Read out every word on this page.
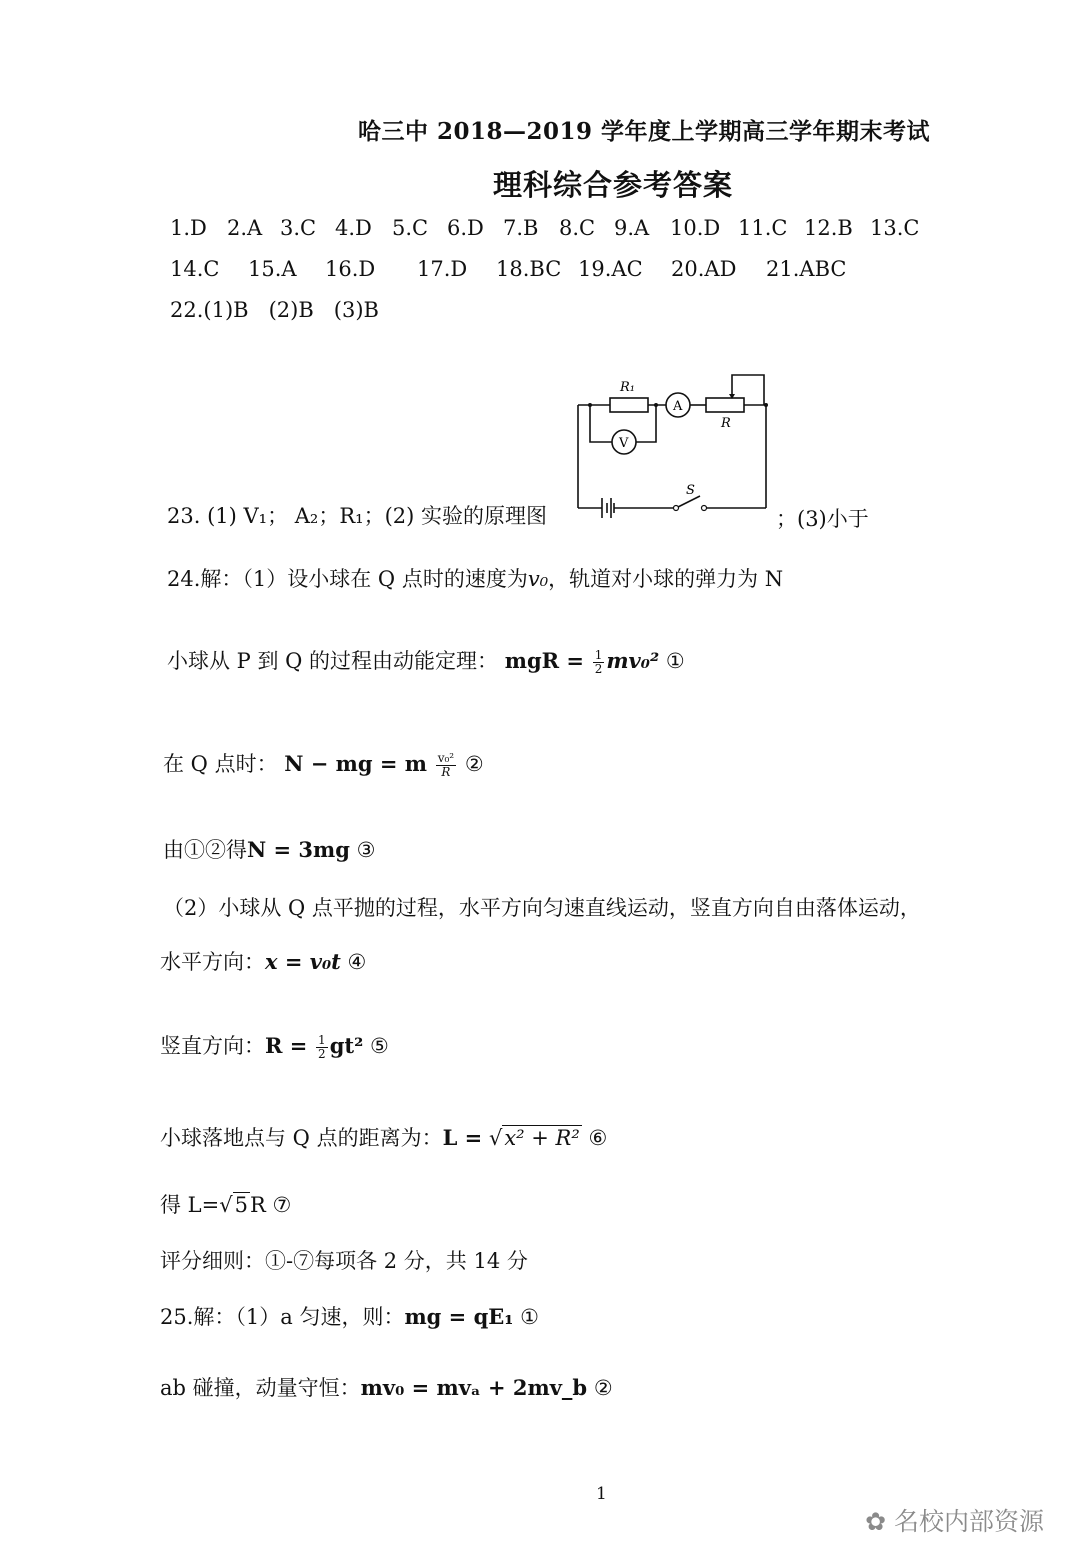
哈三中 2018—2019 学年度上学期高三学年期末考试
理科综合参考答案
1.D 2.A 3.C 4.D 5.C 6.D 7.B 8.C 9.A 10.D 11.C 12.B 13.C
14.C 15.A 16.D 17.D 18.BC 19.AC 20.AD 21.ABC
22.(1)B   (2)B   (3)B
23. (1) V₁； A₂；R₁；(2) 实验的原理图
R₁
A
R
V
S
；(3)小于
24.解：（1）设小球在 Q 点时的速度为v₀，轨道对小球的弹力为 N
小球从 P 到 Q 的过程由动能定理： mgR = $\frac{1}{2} mv_0^2$ ①
在 Q 点时： N − mg = m $\frac{\text{v₀²}}{R}$ ②
由①②得N = 3mg ③
（2）小球从 Q 点平抛的过程，水平方向匀速直线运动，竖直方向自由落体运动，
水平方向：x = v₀t ④
竖直方向：$R = \frac{1}{2} gt^2$ ⑤
小球落地点与 Q 点的距离为：L = √x² + R² ⑥
得 L=√5R ⑦
评分细则：①-⑦每项各 2 分，共 14 分
25.解：（1）a 匀速，则：mg = qE₁ ①
ab 碰撞，动量守恒：mv₀ = mvₐ + 2mv_b ②
1
✿ 名校内部资源
